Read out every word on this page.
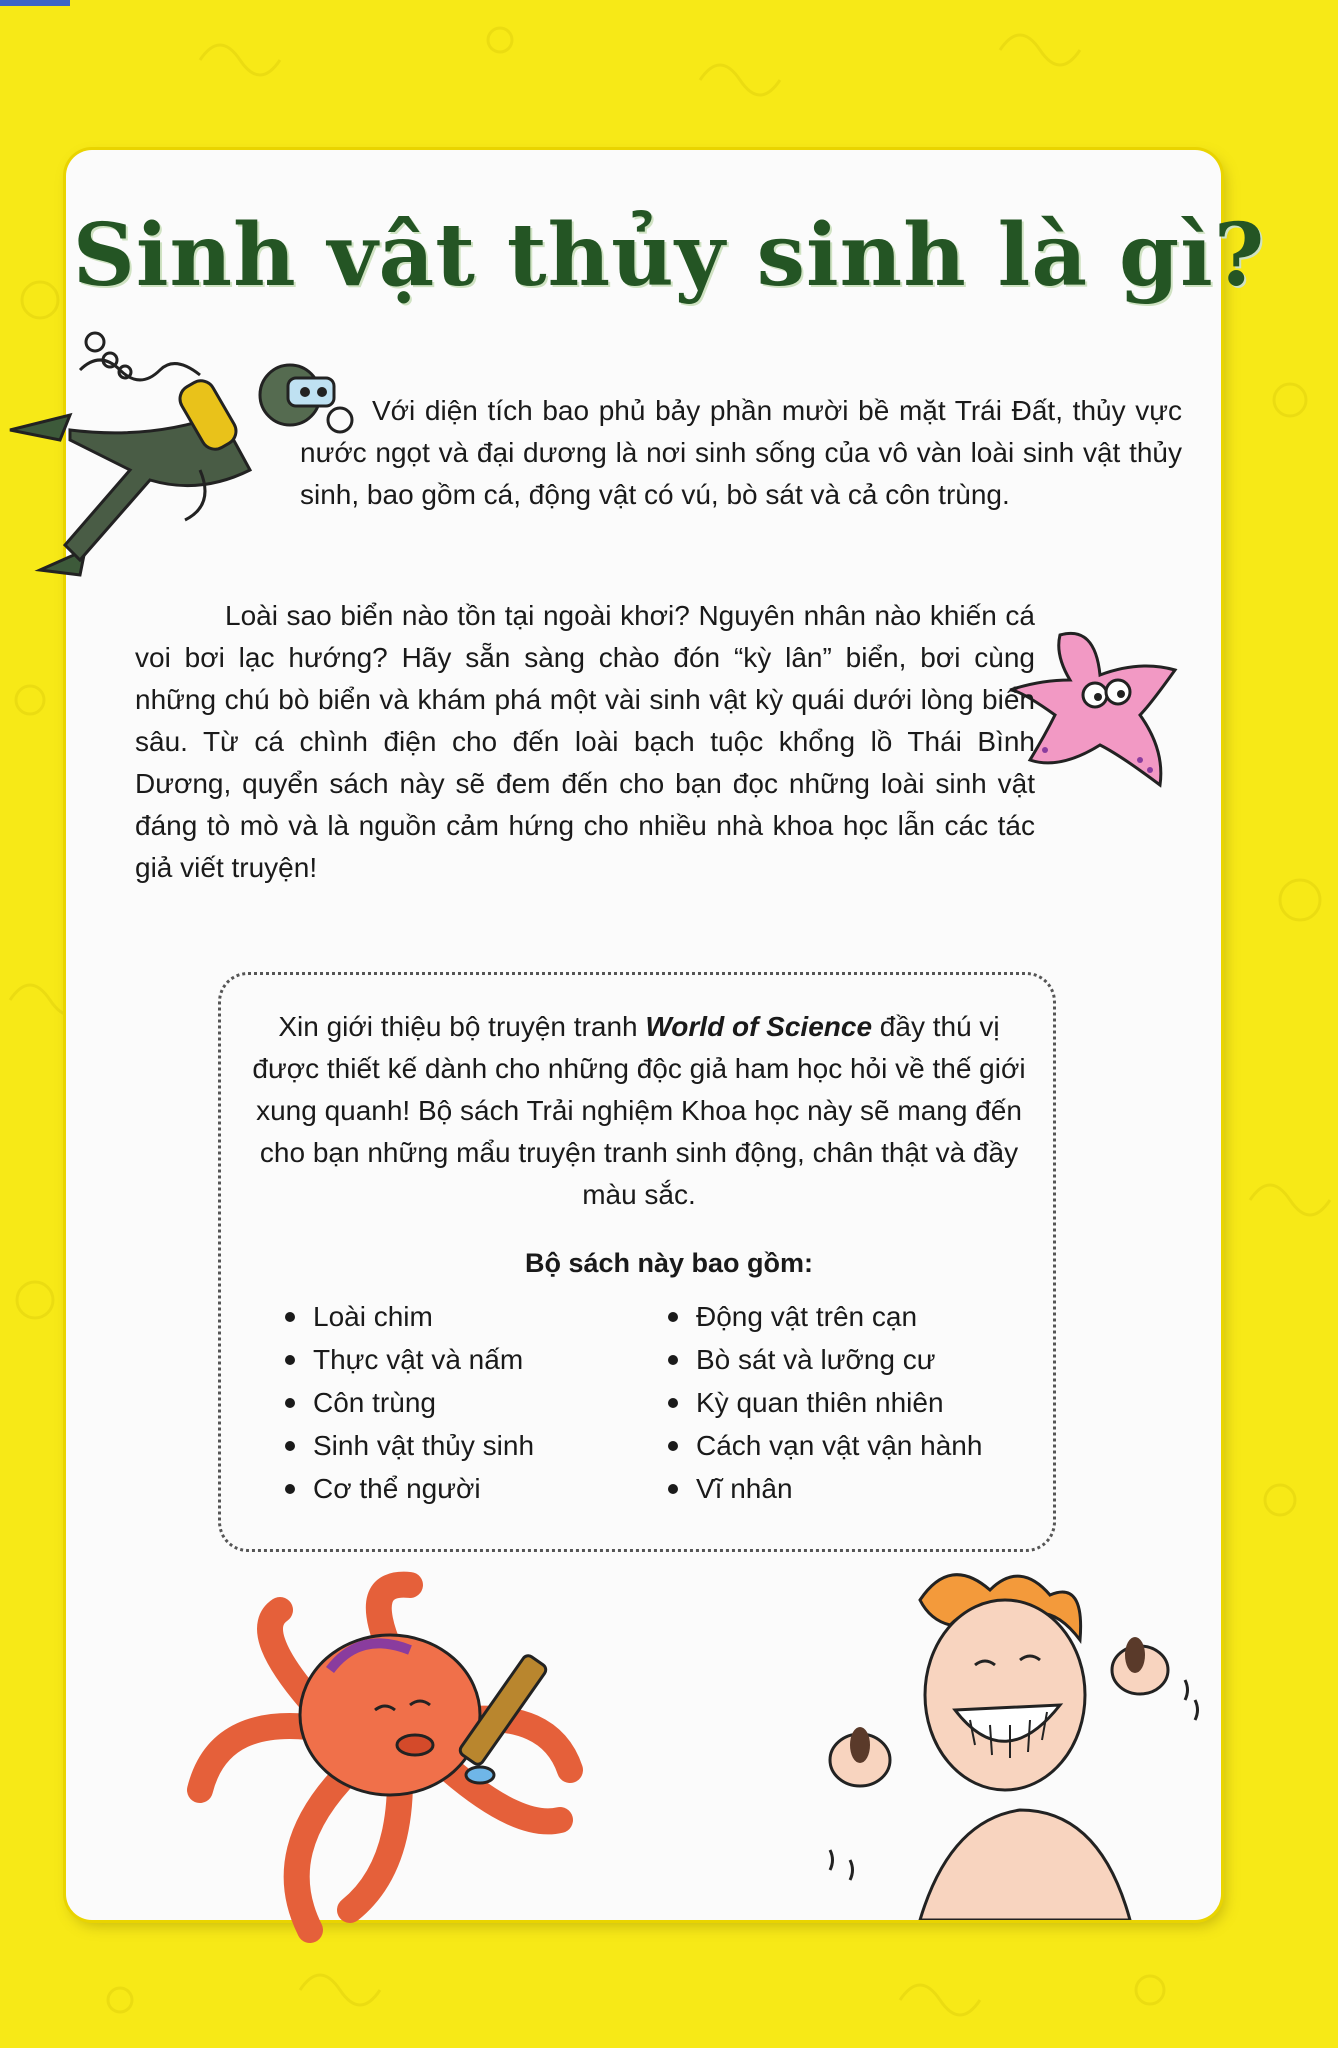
Sinh vật thủy sinh là gì?

Với diện tích bao phủ bảy phần mười bề mặt Trái Đất, thủy vực nước ngọt và đại dương là nơi sinh sống của vô vàn loài sinh vật thủy sinh, bao gồm cá, động vật có vú, bò sát và cả côn trùng.

Loài sao biển nào tồn tại ngoài khơi? Nguyên nhân nào khiến cá voi bơi lạc hướng? Hãy sẵn sàng chào đón “kỳ lân” biển, bơi cùng những chú bò biển và khám phá một vài sinh vật kỳ quái dưới lòng biển sâu. Từ cá chình điện cho đến loài bạch tuộc khổng lồ Thái Bình Dương, quyển sách này sẽ đem đến cho bạn đọc những loài sinh vật đáng tò mò và là nguồn cảm hứng cho nhiều nhà khoa học lẫn các tác giả viết truyện!

Xin giới thiệu bộ truyện tranh World of Science đầy thú vị được thiết kế dành cho những độc giả ham học hỏi về thế giới xung quanh! Bộ sách Trải nghiệm Khoa học này sẽ mang đến cho bạn những mẩu truyện tranh sinh động, chân thật và đầy màu sắc.

Bộ sách này bao gồm:

Loài chim
Thực vật và nấm
Côn trùng
Sinh vật thủy sinh
Cơ thể người
Động vật trên cạn
Bò sát và lưỡng cư
Kỳ quan thiên nhiên
Cách vạn vật vận hành
Vĩ nhân
